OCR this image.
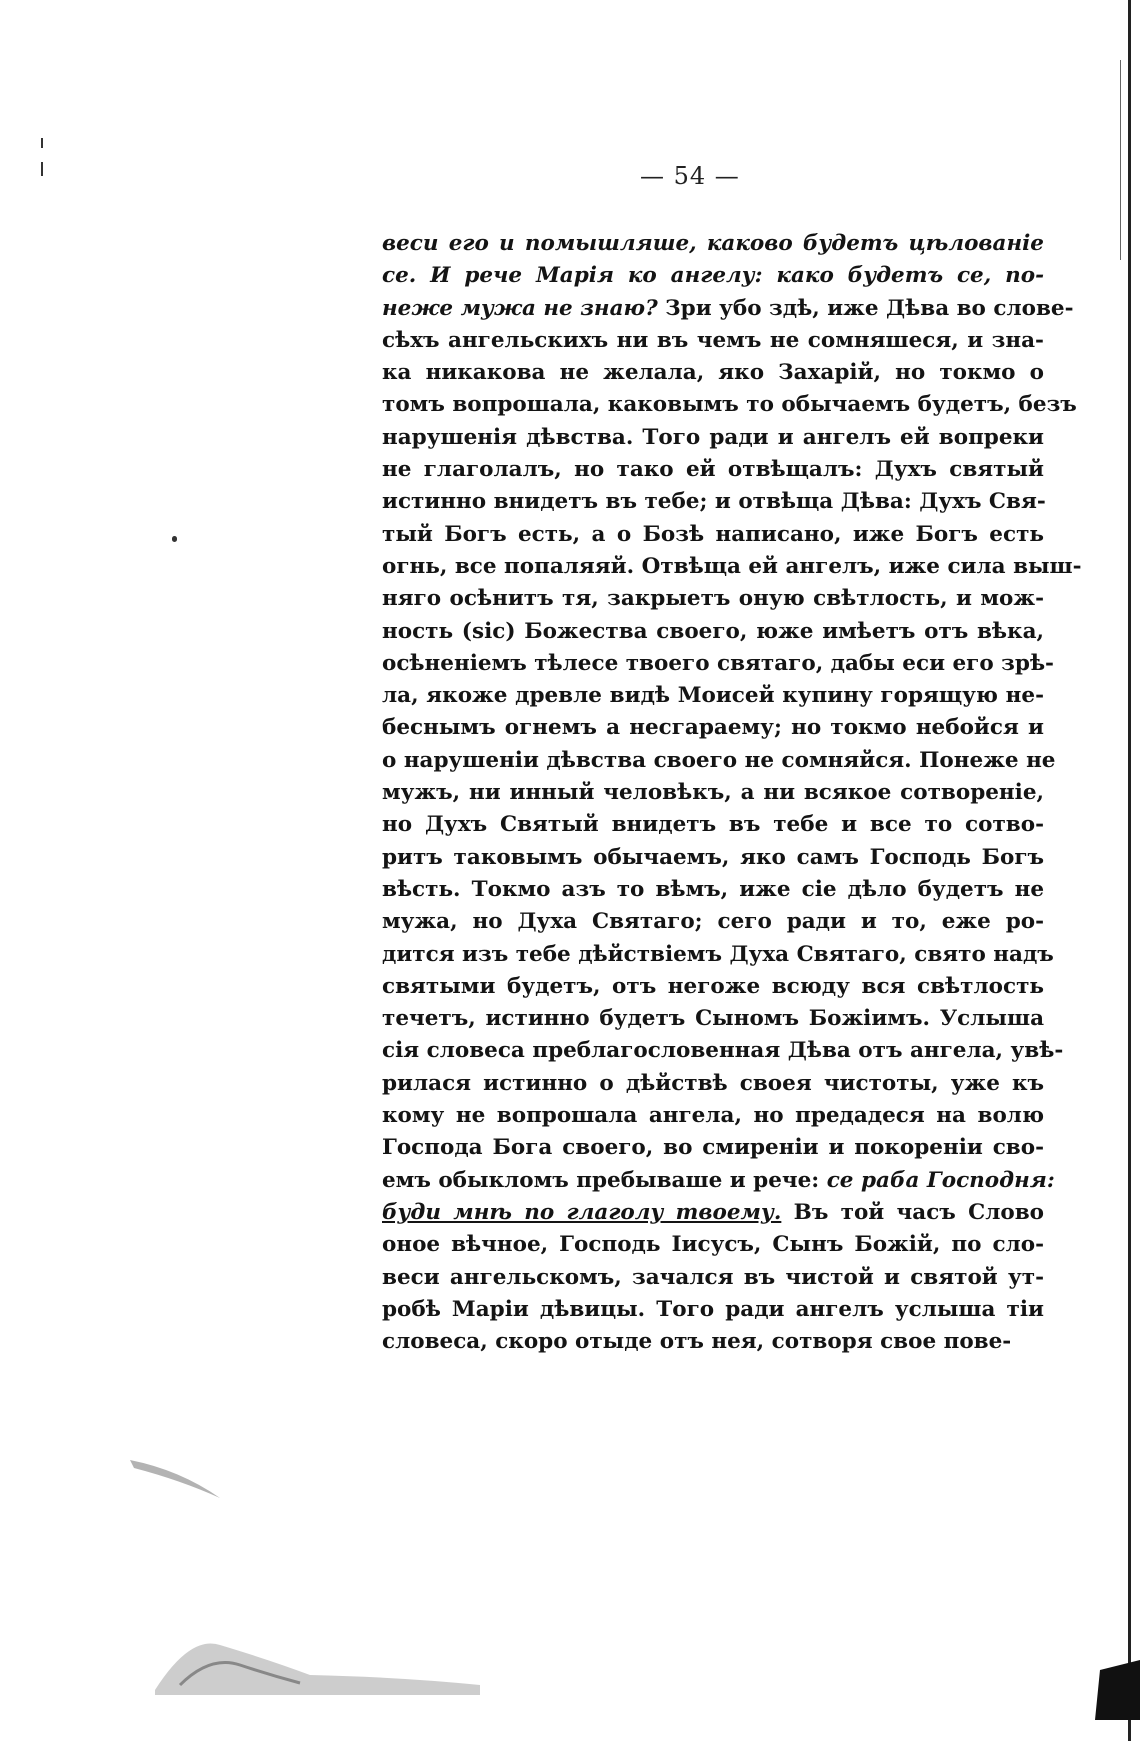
— 54 —
веси его и помышляше, каково будетъ цѣлованіе
се. И рече Марія ко ангелу: како будетъ се, по-
неже мужа не знаю? Зри убо здѣ, иже Дѣва во слове-
сѣхъ ангельскихъ ни въ чемъ не сомняшеся, и зна-
ка никакова не желала, яко Захарій, но токмо о
томъ вопрошала, каковымъ то обычаемъ будетъ, безъ
нарушенія дѣвства. Того ради и ангелъ ей вопреки
не глаголалъ, но тако ей отвѣщалъ: Духъ святый
истинно внидетъ въ тебе; и отвѣща Дѣва: Духъ Свя-
тый Богъ есть, а о Бозѣ написано, иже Богъ есть
огнь, все попаляяй. Отвѣща ей ангелъ, иже сила выш-
няго осѣнитъ тя, закрыетъ оную свѣтлость, и мож-
ность (sic) Божества своего, юже имѣетъ отъ вѣка,
осѣненіемъ тѣлесе твоего святаго, дабы еси его зрѣ-
ла, якоже древле видѣ Моисей купину горящую не-
беснымъ огнемъ а несгараему; но токмо небойся и
о нарушеніи дѣвства своего не сомняйся. Понеже не
мужъ, ни инный человѣкъ, а ни всякое сотвореніе,
но Духъ Святый внидетъ въ тебе и все то сотво-
ритъ таковымъ обычаемъ, яко самъ Господь Богъ
вѣсть. Токмо азъ то вѣмъ, иже сіе дѣло будетъ не
мужа, но Духа Святаго; сего ради и то, еже ро-
дится изъ тебе дѣйствіемъ Духа Святаго, свято надъ
святыми будетъ, отъ негоже всюду вся свѣтлость
течетъ, истинно будетъ Сыномъ Божіимъ. Услыша
сія словеса преблагословенная Дѣва отъ ангела, увѣ-
рилася истинно о дѣйствѣ своея чистоты, уже къ
кому не вопрошала ангела, но предадеся на волю
Господа Бога своего, во смиреніи и покореніи сво-
емъ обыкломъ пребываше и рече: се раба Господня:
буди мнѣ по глаголу твоему. Въ той часъ Слово
оное вѣчное, Господь Іисусъ, Сынъ Божій, по сло-
веси ангельскомъ, зачался въ чистой и святой ут-
робѣ Маріи дѣвицы. Того ради ангелъ услыша тіи
словеса, скоро отыде отъ нея, сотворя свое пове-
